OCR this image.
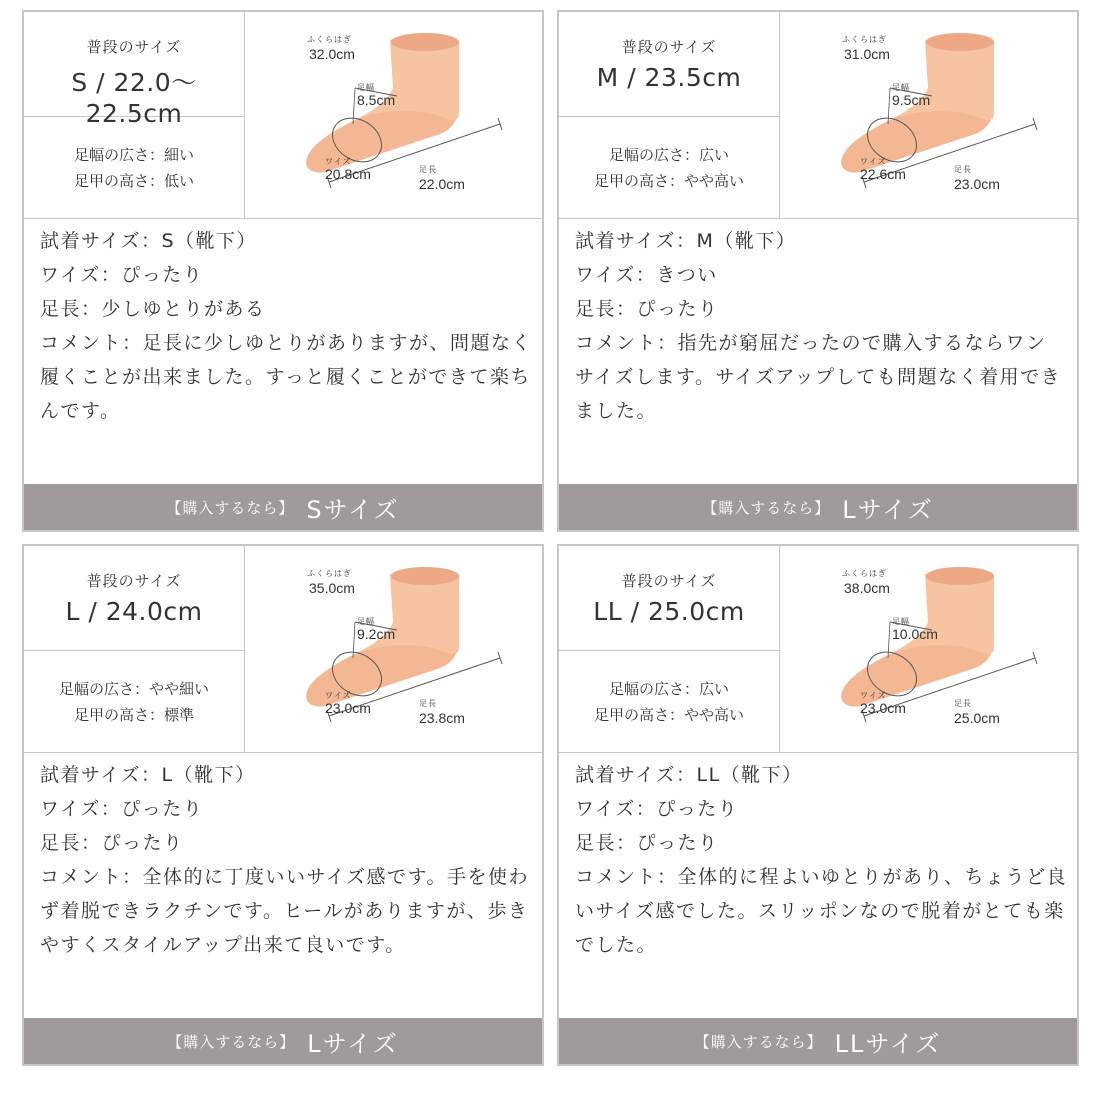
普段のサイズ
S / 22.0〜22.5cm
足幅の広さ：細い
足甲の高さ：低い
ふくらはぎ
32.0cm
足幅
8.5cm
ワイズ
20.8cm	足長
22.0cm
試着サイズ：S（靴下）
ワイズ：ぴったり
足長：少しゆとりがある
コメント：足長に少しゆとりがありますが、問題なく履くことが出来ました。すっと履くことができて楽ちんです。
【購入するなら】 Sサイズ
普段のサイズ
M / 23.5cm
足幅の広さ：広い
足甲の高さ：やや高い
ふくらはぎ
31.0cm
足幅
9.5cm
ワイズ
22.6cm	足長
23.0cm
試着サイズ：M（靴下）
ワイズ：きつい
足長：ぴったり
コメント：指先が窮屈だったので購入するならワンサイズします。サイズアップしても問題なく着用できました。
【購入するなら】 Lサイズ
普段のサイズ
L / 24.0cm
足幅の広さ：やや細い
足甲の高さ：標準
ふくらはぎ
35.0cm
足幅
9.2cm
ワイズ
23.0cm	足長
23.8cm
試着サイズ：L（靴下）
ワイズ：ぴったり
足長：ぴったり
コメント：全体的に丁度いいサイズ感です。手を使わず着脱できラクチンです。ヒールがありますが、歩きやすくスタイルアップ出来て良いです。
【購入するなら】 Lサイズ
普段のサイズ
LL / 25.0cm
足幅の広さ：広い
足甲の高さ：やや高い
ふくらはぎ
38.0cm
足幅
10.0cm
ワイズ
23.0cm	足長
25.0cm
試着サイズ：LL（靴下）
ワイズ：ぴったり
足長：ぴったり
コメント：全体的に程よいゆとりがあり、ちょうど良いサイズ感でした。スリッポンなので脱着がとても楽でした。
【購入するなら】 LLサイズ
